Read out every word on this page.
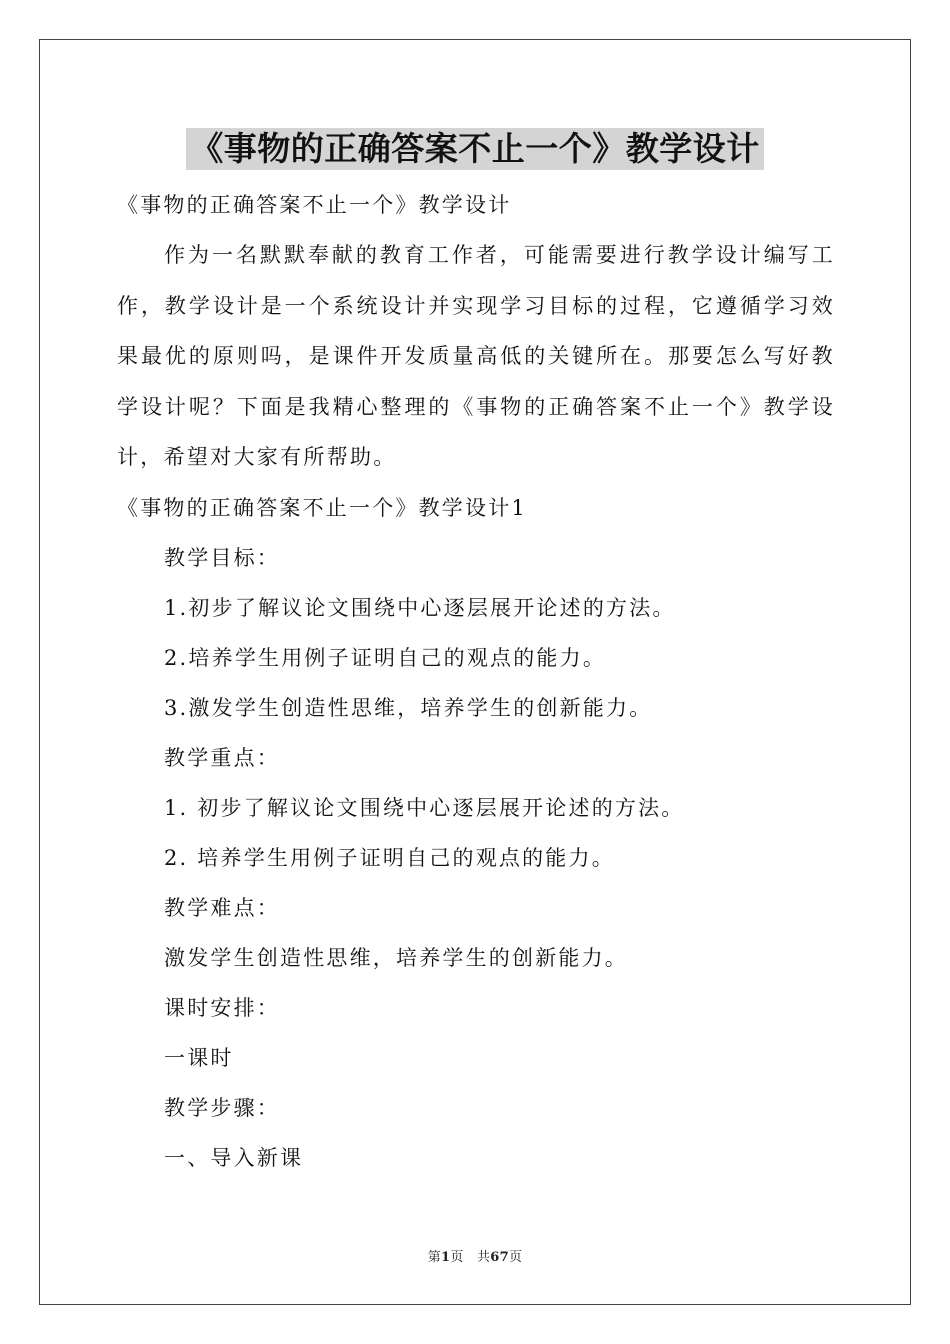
《事物的正确答案不止一个》教学设计

《事物的正确答案不止一个》教学设计

作为一名默默奉献的教育工作者，可能需要进行教学设计编写工作，教学设计是一个系统设计并实现学习目标的过程，它遵循学习效果最优的原则吗，是课件开发质量高低的关键所在。那要怎么写好教学设计呢？下面是我精心整理的《事物的正确答案不止一个》教学设计，希望对大家有所帮助。

《事物的正确答案不止一个》教学设计1

教学目标：

1.初步了解议论文围绕中心逐层展开论述的方法。

2.培养学生用例子证明自己的观点的能力。

3.激发学生创造性思维，培养学生的创新能力。

教学重点：

1. 初步了解议论文围绕中心逐层展开论述的方法。

2. 培养学生用例子证明自己的观点的能力。

教学难点：

激发学生创造性思维，培养学生的创新能力。

课时安排：

一课时

教学步骤：

一、导入新课

第1页 共67页
